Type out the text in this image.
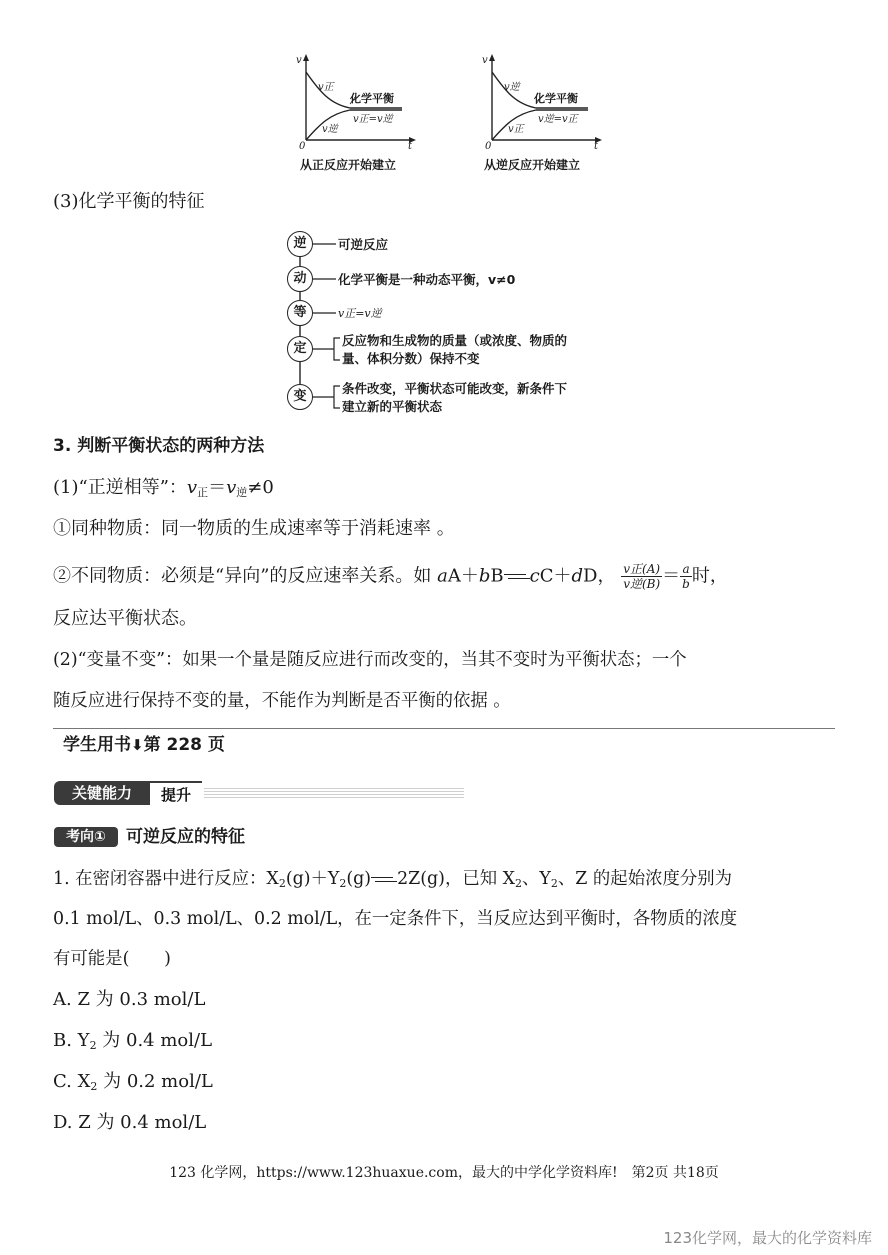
v
t
0
v正
v逆
化学平衡
v正=v逆
从正反应开始建立
v
t
0
v逆
v正
化学平衡
v逆=v正
从逆反应开始建立
(3)化学平衡的特征
逆
动
等
定
变
可逆反应
化学平衡是一种动态平衡，v≠0
v正=v逆
反应物和生成物的质量（或浓度、物质的
量、体积分数）保持不变
条件改变，平衡状态可能改变，新条件下
建立新的平衡状态
3. 判断平衡状态的两种方法
(1)“正逆相等”：$v_正=v_逆\ne 0$
①同种物质：同一物质的生成速率等于消耗速率 。
②不同物质：必须是“异向”的反应速率关系。如 aA＋bB cC＋dD， $\frac{\text{v正(A)}}{\text{v逆(B)}} = \frac{a}{b}$ 时，
反应达平衡状态。
(2)“变量不变”：如果一个量是随反应进行而改变的，当其不变时为平衡状态；一个
随反应进行保持不变的量，不能作为判断是否平衡的依据 。
学生用书⬇第 228 页
关键能力	提升
考向①	可逆反应的特征
1. 在密闭容器中进行反应：$X_2(g)+Y_2(g)$ 2Z(g)，已知 $X_2$、$Y_2$、Z 的起始浓度分别为
0.1 mol/L、0.3 mol/L、0.2 mol/L，在一定条件下，当反应达到平衡时，各物质的浓度
有可能是(　　)
A. Z 为 0.3 mol/L
B. $Y_2$ 为 0.4 mol/L
C. $X_2$ 为 0.2 mol/L
D. Z 为 0.4 mol/L
123 化学网，https://www.123huaxue.com，最大的中学化学资料库!　第2页 共18页
123化学网，最大的化学资料库
